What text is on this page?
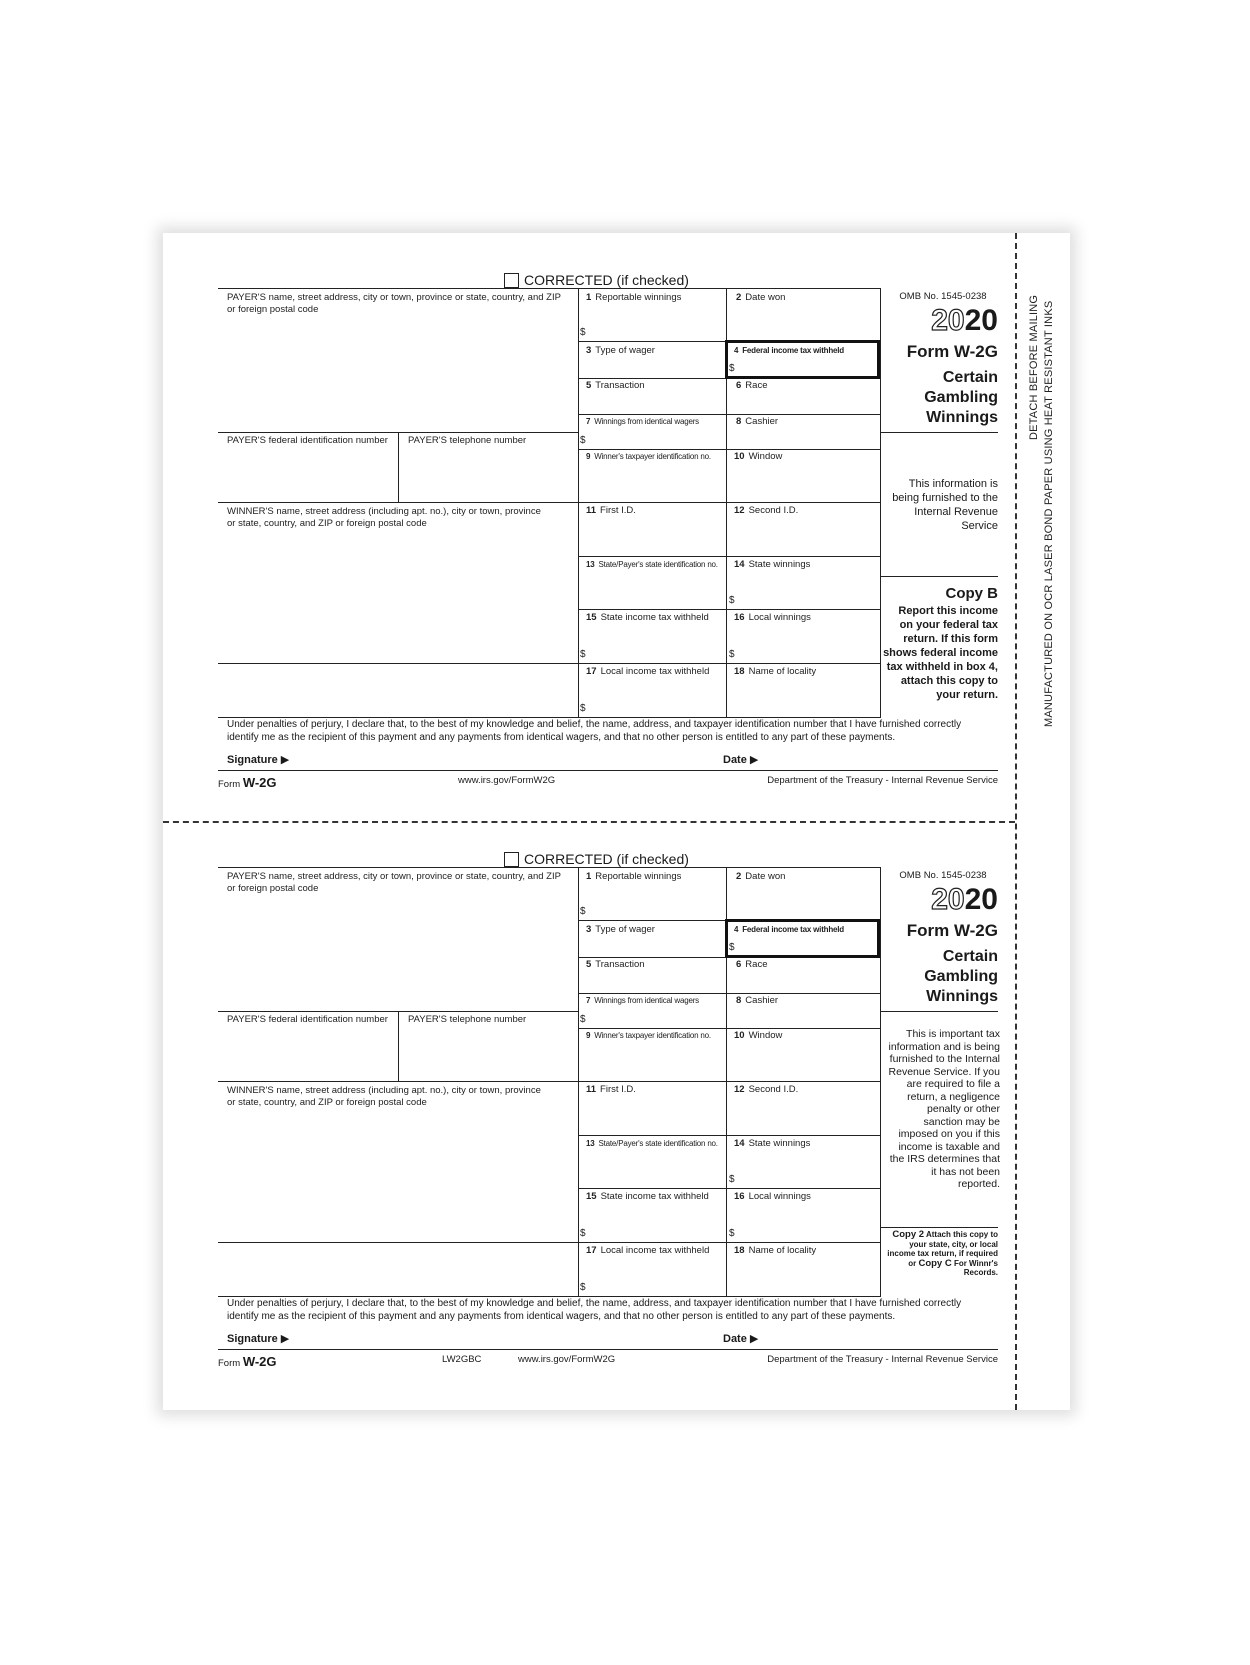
DETACH BEFORE MAILING MANUFACTURED ON OCR LASER BOND PAPER USING HEAT RESISTANT INKS
CORRECTED (if checked)
PAYER'S name, street address, city or town, province or state, country, and ZIP or foreign postal code
PAYER'S federal identification number PAYER'S telephone number
WINNER'S name, street address (including apt. no.), city or town, province or state, country, and ZIP or foreign postal code
1 Reportable winnings	2 Date won
3 Type of wager	4 Federal income tax withheld
5 Transaction	6 Race
7 Winnings from identical wagers	8 Cashier
9 Winner's taxpayer identification no. 10 Window
11 First I.D.	12 Second I.D.
13 State/Payer's state identification no. 14 State winnings
15 State income tax withheld	16 Local winnings
17 Local income tax withheld	18 Name of locality
$
$
$
$
$	$
$
OMB No. 1545-0238
2020
Form W-2G
Certain
Gambling
Winnings
This information is being furnished to the Internal Revenue Service
Copy B
Report this income on your federal tax return. If this form shows federal income tax withheld in box 4, attach this copy to your return.
Under penalties of perjury, I declare that, to the best of my knowledge and belief, the name, address, and taxpayer identification number that I have furnished correctly identify me as the recipient of this payment and any payments from identical wagers, and that no other person is entitled to any part of these payments.
Signature ▶	Date ▶
Form W-2G	www.irs.gov/FormW2G	Department of the Treasury - Internal Revenue Service
CORRECTED (if checked)
PAYER'S name, street address, city or town, province or state, country, and ZIP or foreign postal code
PAYER'S federal identification number PAYER'S telephone number
WINNER'S name, street address (including apt. no.), city or town, province or state, country, and ZIP or foreign postal code
1 Reportable winnings	2 Date won
3 Type of wager	4 Federal income tax withheld
5 Transaction	6 Race
7 Winnings from identical wagers	8 Cashier
9 Winner's taxpayer identification no. 10 Window
11 First I.D.	12 Second I.D.
13 State/Payer's state identification no. 14 State winnings
15 State income tax withheld	16 Local winnings
17 Local income tax withheld	18 Name of locality
$
$
$
$
$	$
$
OMB No. 1545-0238
2020
Form W-2G
Certain
Gambling
Winnings
This is important tax information and is being furnished to the Internal Revenue Service. If you are required to file a return, a negligence penalty or other sanction may be imposed on you if this income is taxable and the IRS determines that it has not been reported.
Copy 2 Attach this copy to your state, city, or local income tax return, if required or Copy C For Winnr's Records.
Under penalties of perjury, I declare that, to the best of my knowledge and belief, the name, address, and taxpayer identification number that I have furnished correctly identify me as the recipient of this payment and any payments from identical wagers, and that no other person is entitled to any part of these payments.
Signature ▶	Date ▶
Form W-2G	LW2GBC	www.irs.gov/FormW2G	Department of the Treasury - Internal Revenue Service
